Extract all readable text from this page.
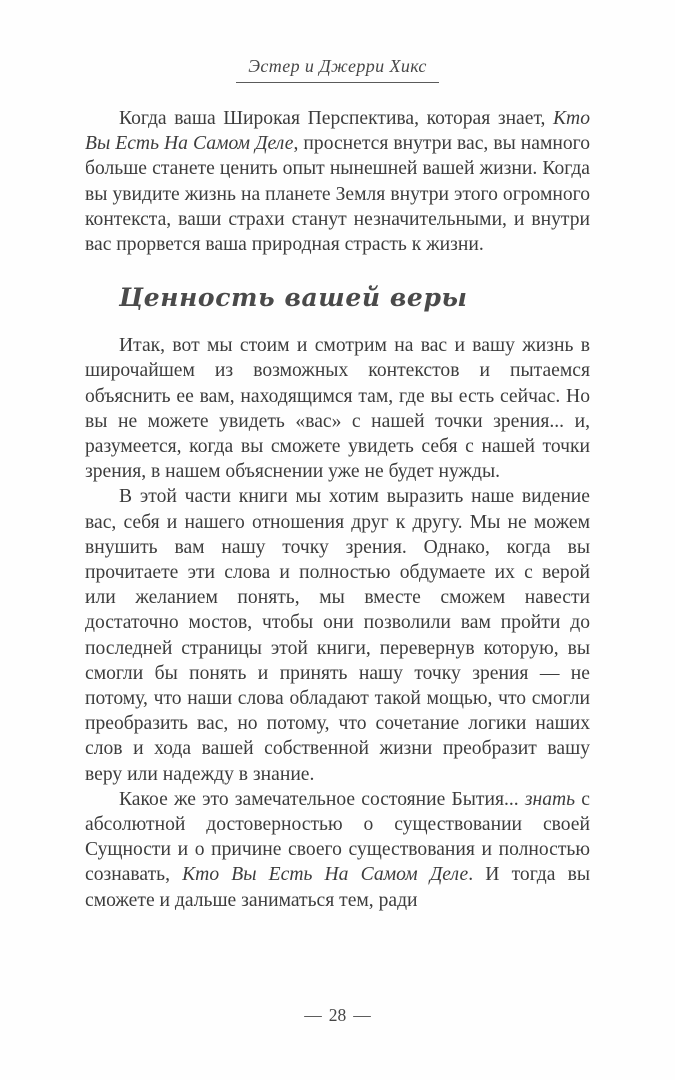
Эстер и Джерри Хикс

Когда ваша Широкая Перспектива, которая знает, Кто Вы Есть На Самом Деле, проснется внутри вас, вы намного больше станете ценить опыт нынешней вашей жизни. Когда вы увидите жизнь на планете Земля внутри этого огромного контекста, ваши страхи станут незначительными, и внутри вас прорвется ваша природная страсть к жизни.

Ценность вашей веры

Итак, вот мы стоим и смотрим на вас и вашу жизнь в широчайшем из возможных контекстов и пытаемся объяснить ее вам, находящимся там, где вы есть сейчас. Но вы не можете увидеть «вас» с нашей точки зрения... и, разумеется, когда вы сможете увидеть себя с нашей точки зрения, в нашем объяснении уже не будет нужды.

В этой части книги мы хотим выразить наше видение вас, себя и нашего отношения друг к другу. Мы не можем внушить вам нашу точку зрения. Однако, когда вы прочитаете эти слова и полностью обдумаете их с верой или желанием понять, мы вместе сможем навести достаточно мостов, чтобы они позволили вам пройти до последней страницы этой книги, перевернув которую, вы смогли бы понять и принять нашу точку зрения — не потому, что наши слова обладают такой мощью, что смогли преобразить вас, но потому, что сочетание логики наших слов и хода вашей собственной жизни преобразит вашу веру или надежду в знание.

Какое же это замечательное состояние Бытия... знать с абсолютной достоверностью о существовании своей Сущности и о причине своего существования и полностью сознавать, Кто Вы Есть На Самом Деле. И тогда вы сможете и дальше заниматься тем, ради

— 28 —
